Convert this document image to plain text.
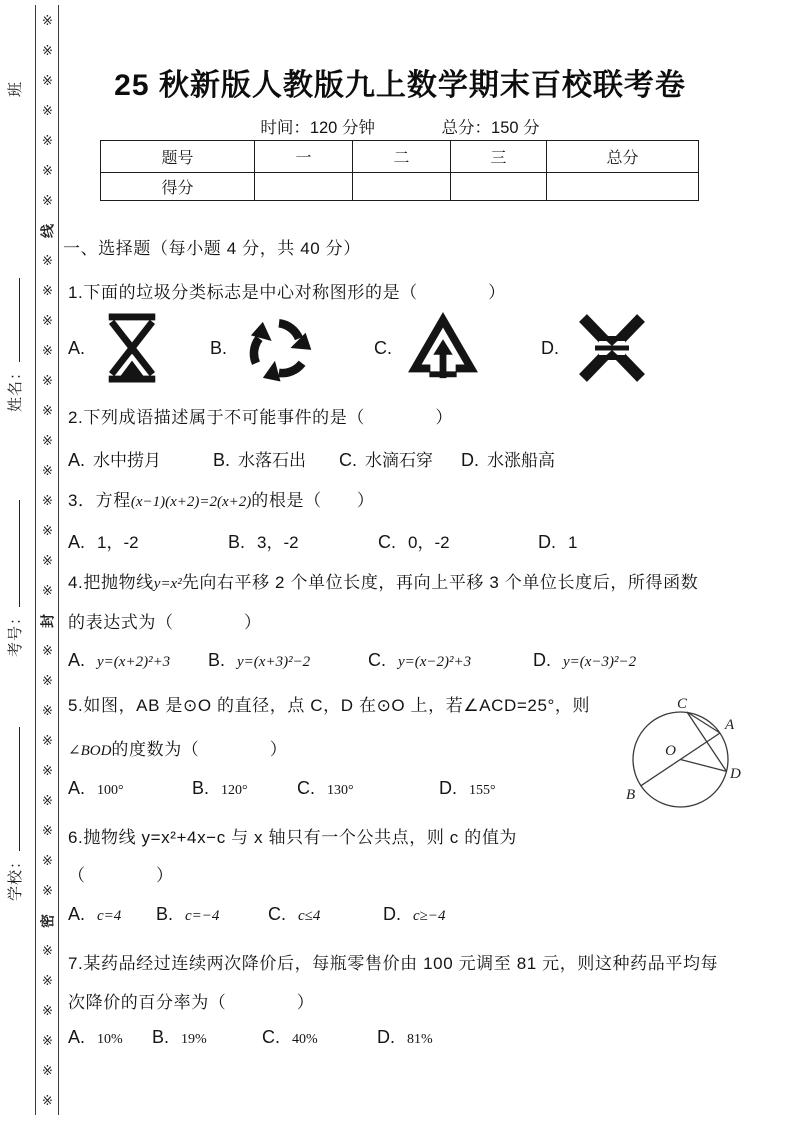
班
姓名：
考号：
学校：
※
※
※
※
※
※
※
线
※
※
※
※
※
※
※
※
※
※
※
※
封
※
※
※
※
※
※
※
※
※
密
※
※
※
※
※
※
25 秋新版人教版九上数学期末百校联考卷
时间：120 分钟	总分：150 分
题号	一	二	三	总分
得分				
一、选择题（每小题 4 分，共 40 分）
1.下面的垃圾分类标志是中心对称图形的是（　　　　）
A.	B.	C.	D.
2.下列成语描述属于不可能事件的是（　　　　）
A. 水中捞月	B. 水落石出 C. 水滴石穿 D. 水涨船高
3．方程(x−1)(x+2)=2(x+2)的根是（　　）
A. 1，-2	B. 3，-2	C. 0，-2	D. 1
4.把抛物线y=x²先向右平移 2 个单位长度，再向上平移 3 个单位长度后，所得函数
的表达式为（　　　　）
A. y=(x+2)²+3 B. y=(x+3)²−2	C. y=(x−2)²+3	D. y=(x−3)²−2
5.如图，AB 是⊙O 的直径，点 C，D 在⊙O 上，若∠ACD=25°，则
∠BOD的度数为（　　　　）
A. 100°	B. 120°	C. 130°	D. 155°
C
A
O
D
B
6.抛物线 y=x²+4x−c 与 x 轴只有一个公共点，则 c 的值为
（　　　　）
A. c=4 B. c=−4	C. c≤4	D. c≥−4
7.某药品经过连续两次降价后，每瓶零售价由 100 元调至 81 元，则这种药品平均每
次降价的百分率为（　　　　）
A. 10% B. 19%	C. 40%	D. 81%
